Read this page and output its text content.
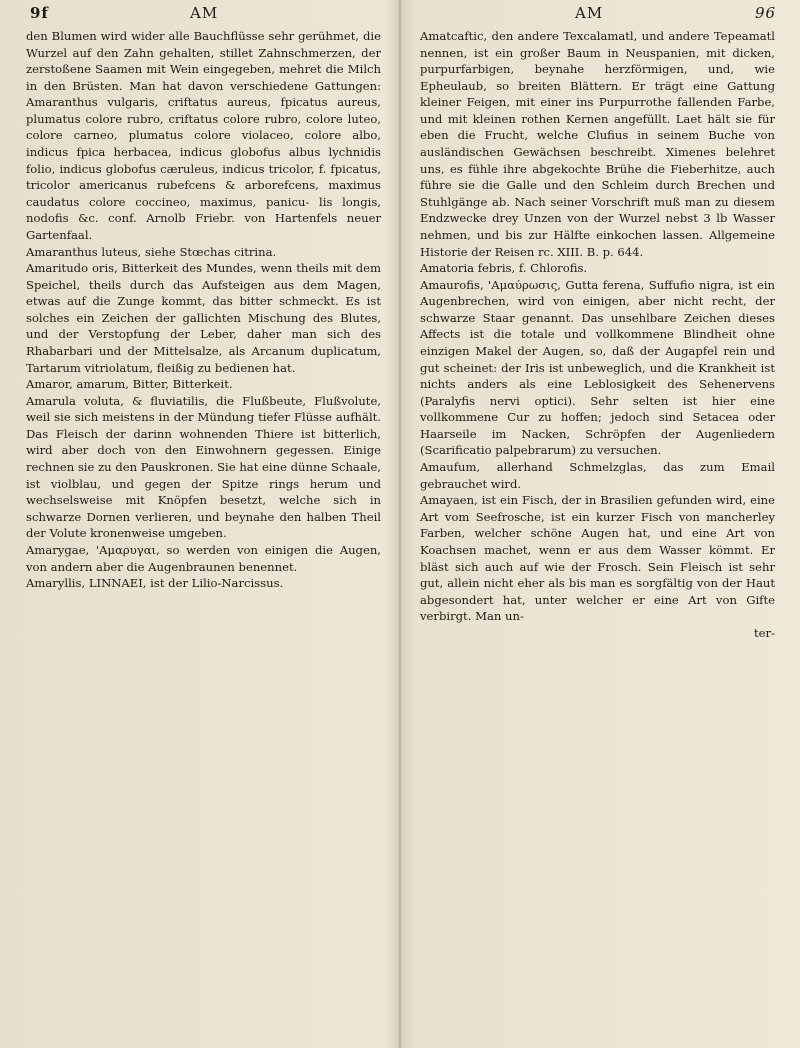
9f	AM	AM	96

den Blumen wird wider alle Bauchflüsse sehr gerühmet, die Wurzel auf den Zahn gehalten, stillet Zahnschmerzen, der zerstoßene Saamen mit Wein eingegeben, mehret die Milch in den Brüsten. Man hat davon verschiedene Gattungen: Amaranthus vulgaris, criftatus aureus, fpicatus aureus, plumatus colore rubro, criftatus colore rubro, colore luteo, colore carneo, plumatus colore violaceo, colore albo, indicus fpica herbacea, indicus globofus albus lychnidis folio, indicus globofus cæruleus, indicus tricolor, f. fpicatus, tricolor americanus rubefcens & arborefcens, maximus caudatus colore coccineo, maximus, panicu- lis longis, nodofis &c. conf. Arnolb Friebr. von Hartenfels neuer Gartenfaal.

Amaranthus luteus, siehe Stœchas citrina.

Amaritudo oris, Bitterkeit des Mundes, wenn theils mit dem Speichel, theils durch das Aufsteigen aus dem Magen, etwas auf die Zunge kommt, das bitter schmeckt. Es ist solches ein Zeichen der gallichten Mischung des Blutes, und der Verstopfung der Leber, daher man sich des Rhabarbari und der Mittelsalze, als Arcanum duplicatum, Tartarum vitriolatum, fleißig zu bedienen hat.

Amaror, amarum, Bitter, Bitterkeit.

Amarula voluta, & fluviatilis, die Flußbeute, Flußvolute, weil sie sich meistens in der Mündung tiefer Flüsse aufhält. Das Fleisch der darinn wohnenden Thiere ist bitterlich, wird aber doch von den Einwohnern gegessen. Einige rechnen sie zu den Pauskronen. Sie hat eine dünne Schaale, ist violblau, und gegen der Spitze rings herum und wechselsweise mit Knöpfen besetzt, welche sich in schwarze Dornen verlieren, und beynahe den halben Theil der Volute kronenweise umgeben.

Amarygae, 'Aμαρυγαι, so werden von einigen die Augen, von andern aber die Augenbraunen benennet.

Amaryllis, LINNAEI, ist der Lilio-Narcissus.

Amatcaftic, den andere Texcalamatl, und andere Tepeamatl nennen, ist ein großer Baum in Neuspanien, mit dicken, purpurfarbigen, beynahe herzförmigen, und, wie Epheulaub, so breiten Blättern. Er trägt eine Gattung kleiner Feigen, mit einer ins Purpurrothe fallenden Farbe, und mit kleinen rothen Kernen angefüllt. Laet hält sie für eben die Frucht, welche Clufius in seinem Buche von ausländischen Gewächsen beschreibt. Ximenes belehret uns, es fühle ihre abgekochte Brühe die Fieberhitze, auch führe sie die Galle und den Schleim durch Brechen und Stuhlgänge ab. Nach seiner Vorschrift muß man zu diesem Endzwecke drey Unzen von der Wurzel nebst 3 lb Wasser nehmen, und bis zur Hälfte einkochen lassen. Allgemeine Historie der Reisen rc. XIII. B. p. 644.

Amatoria febris, f. Chlorofis.

Amaurofis, 'Aμαύρωσις, Gutta ferena, Suffufio nigra, ist ein Augenbrechen, wird von einigen, aber nicht recht, der schwarze Staar genannt. Das unsehlbare Zeichen dieses Affects ist die totale und vollkommene Blindheit ohne einzigen Makel der Augen, so, daß der Augapfel rein und gut scheinet: der Iris ist unbeweglich, und die Krankheit ist nichts anders als eine Leblosigkeit des Sehenervens (Paralyfis nervi optici). Sehr selten ist hier eine vollkommene Cur zu hoffen; jedoch sind Setacea oder Haarseile im Nacken, Schröpfen der Augenliedern (Scarificatio palpebrarum) zu versuchen.

Amaufum, allerhand Schmelzglas, das zum Email gebrauchet wird.

Amayaen, ist ein Fisch, der in Brasilien gefunden wird, eine Art vom Seefrosche, ist ein kurzer Fisch von mancherley Farben, welcher schöne Augen hat, und eine Art von Koachsen machet, wenn er aus dem Wasser kömmt. Er bläst sich auch auf wie der Frosch. Sein Fleisch ist sehr gut, allein nicht eher als bis man es sorgfältig von der Haut abgesondert hat, unter welcher er eine Art von Gifte verbirgt. Man un-

ter-
